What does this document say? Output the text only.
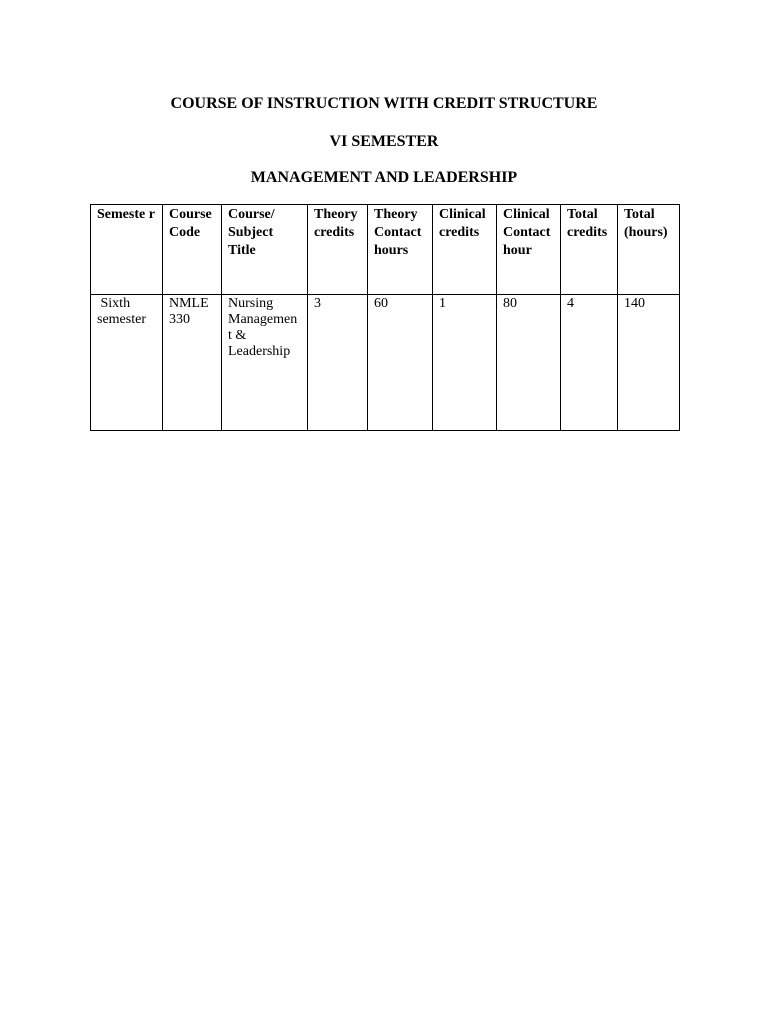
COURSE OF INSTRUCTION WITH CREDIT STRUCTURE
VI SEMESTER
MANAGEMENT AND LEADERSHIP
Semeste r	Course Code	Course/ Subject Title	Theory credits	Theory Contact hours	Clinical credits	Clinical Contact hour	Total credits	Total (hours)
Sixth semester	NMLE 330	Nursing Management & Leadership	3	60	1	80	4	140
